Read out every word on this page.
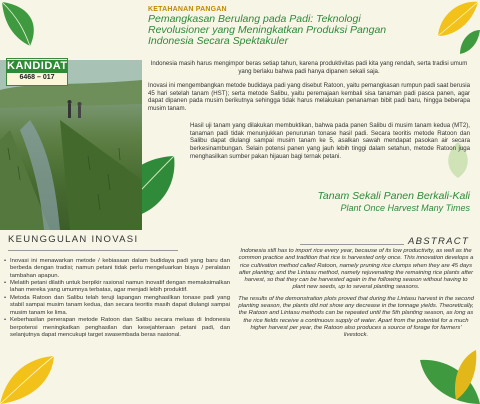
KETAHANAN PANGAN
Pemangkasan Berulang pada Padi: Teknologi Revolusioner yang Meningkatkan Produksi Pangan Indonesia Secara Spektakuler
KANDIDAT
6468 – 017
Indonesia masih harus mengimpor beras setiap tahun, karena produktivitas padi kita yang rendah, serta tradisi umum yang berlaku bahwa padi hanya dipanen sekali saja.
Inovasi ini mengembangkan metode budidaya padi yang disebut Ratoon, yaitu pemangkasan rumpun padi saat berusia 45 hari setelah tanam (HST); serta metode Salibu, yaitu peremajaan kembali sisa tanaman padi pasca panen, agar dapat dipanen pada musim berikutnya sehingga tidak harus melakukan penanaman bibit padi baru, hingga beberapa musim tanam.
Hasil uji tanam yang dilakukan membuktikan, bahwa pada panen Salibu di musim tanam kedua (MT2), tanaman padi tidak menunjukkan penurunan tonase hasil padi. Secara teoritis metode Ratoon dan Salibu dapat diulangi sampai musim tanam ke 5, asalkan sawah mendapat pasokan air secara berkesinambungan. Selain potensi panen yang jauh lebih tinggi dalam setahun, metode Ratoon juga menghasilkan sumber pakan hijauan bagi ternak petani.
Tanam Sekali Panen Berkali-Kali
Plant Once Harvest Many Times
KEUNGGULAN INOVASI
• Inovasi ini menawarkan metode / kebiasaan dalam budidaya padi yang baru dan berbeda dengan tradisi; namun petani tidak perlu mengeluarkan biaya / peralatan tambahan apapun.
• Melatih petani dilatih untuk berpikir rasional namun inovatif dengan memaksimalkan lahan mereka yang umumnya terbatas, agar menjadi lebih produktif.
• Metoda Ratoon dan Salibu telah teruji lapangan menghasilkan tonase padi yang stabil sampai musim tanam kedua, dan secara teoritis masih dapat diulangi sampai musim tanam ke lima.
• Keberhasilan penerapan metode Ratoon dan Salibu secara meluas di Indonesia berpotensi meningkatkan penghasilan dan kesejahteraan petani padi, dan selanjutnya dapat mencukupi target swasembada beras nasional.
ABSTRACT

Indonesia still has to import rice every year, because of its low productivity, as well as the common practice and tradition that rice is harvested only once. This innovation develops a rice cultivation method called Ratoon, namely pruning rice clumps when they are 45 days after planting; and the Lintasu method, namely rejuvenating the remaining rice plants after harvest, so that they can be harvested again in the following season without having to plant new seeds, up to several planting seasons.

The results of the demonstration plots proved that during the Lintasu harvest in the second planting season, the plants did not show any decrease in the tonnage yields. Theoretically, the Ratoon and Lintasu methods can be repeated until the 5th planting season, as long as the rice fields receive a continuous supply of water. Apart from the potential for a much higher harvest per year, the Ratoon also produces a source of forage for farmers' livestock.
